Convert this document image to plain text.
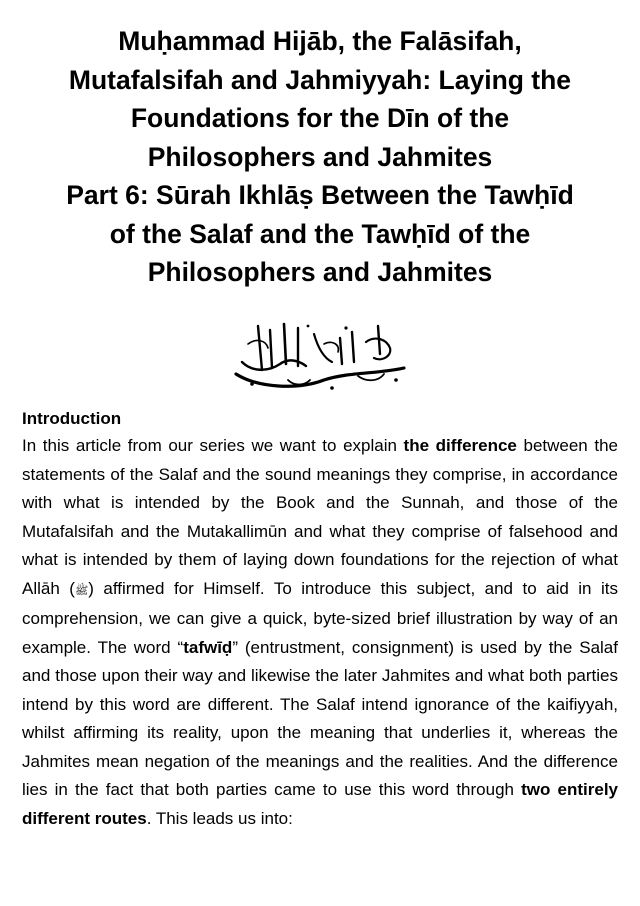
Muḥammad Hijāb, the Falāsifah,
Mutafalsifah and Jahmiyyah: Laying the
Foundations for the Dīn of the
Philosophers and Jahmites
Part 6: Sūrah Ikhlāṣ Between the Tawḥīd
of the Salaf and the Tawḥīd of the
Philosophers and Jahmites
Introduction
In this article from our series we want to explain the difference between the statements of the Salaf and the sound meanings they comprise, in accordance with what is intended by the Book and the Sunnah, and those of the Mutafalsifah and the Mutakallimūn and what they comprise of falsehood and what is intended by them of laying down foundations for the rejection of what Allāh (ﷺ) affirmed for Himself. To introduce this subject, and to aid in its comprehension, we can give a quick, byte-sized brief illustration by way of an example. The word “tafwīḍ” (entrustment, consignment) is used by the Salaf and those upon their way and likewise the later Jahmites and what both parties intend by this word are different. The Salaf intend ignorance of the kaifiyyah, whilst affirming its reality, upon the meaning that underlies it, whereas the Jahmites mean negation of the meanings and the realities. And the difference lies in the fact that both parties came to use this word through two entirely different routes. This leads us into:
